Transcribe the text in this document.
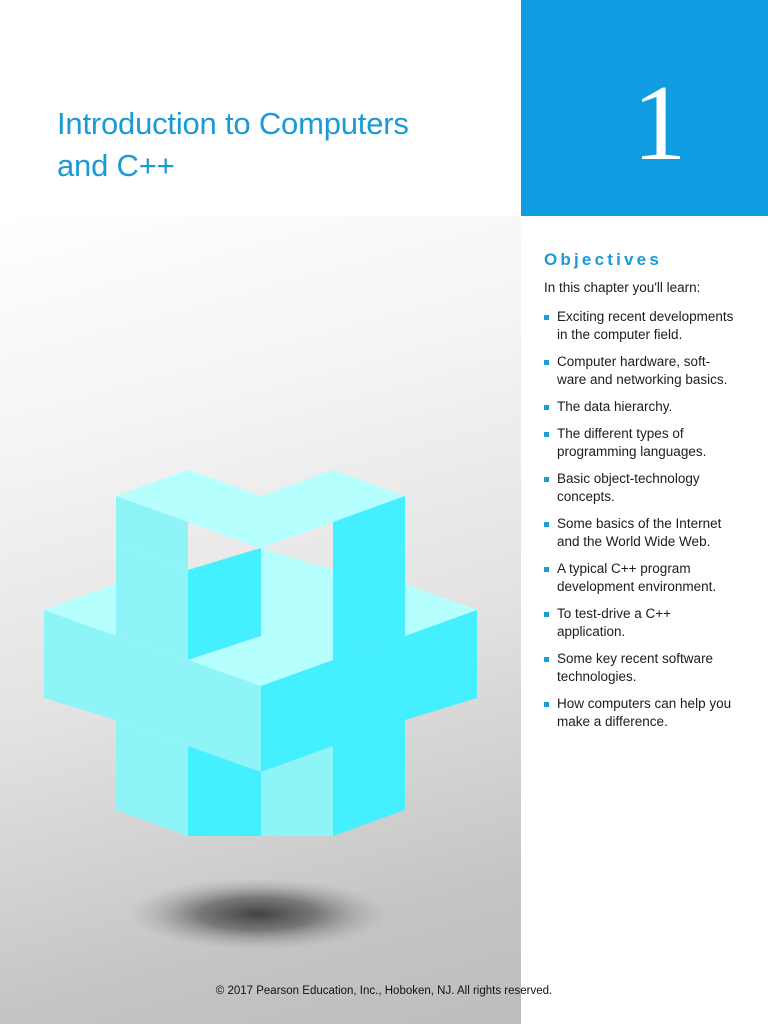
Introduction to Computers
and C++	1
Objectives
In this chapter you'll learn:
Exciting recent developments
in the computer field.
Computer hardware, soft-
ware and networking basics.
The data hierarchy.
The different types of
programming languages.
Basic object-technology
concepts.
Some basics of the Internet
and the World Wide Web.
A typical C++ program
development environment.
To test-drive a C++
application.
Some key recent software
technologies.
How computers can help you
make a difference.
© 2017 Pearson Education, Inc., Hoboken, NJ. All rights reserved.
